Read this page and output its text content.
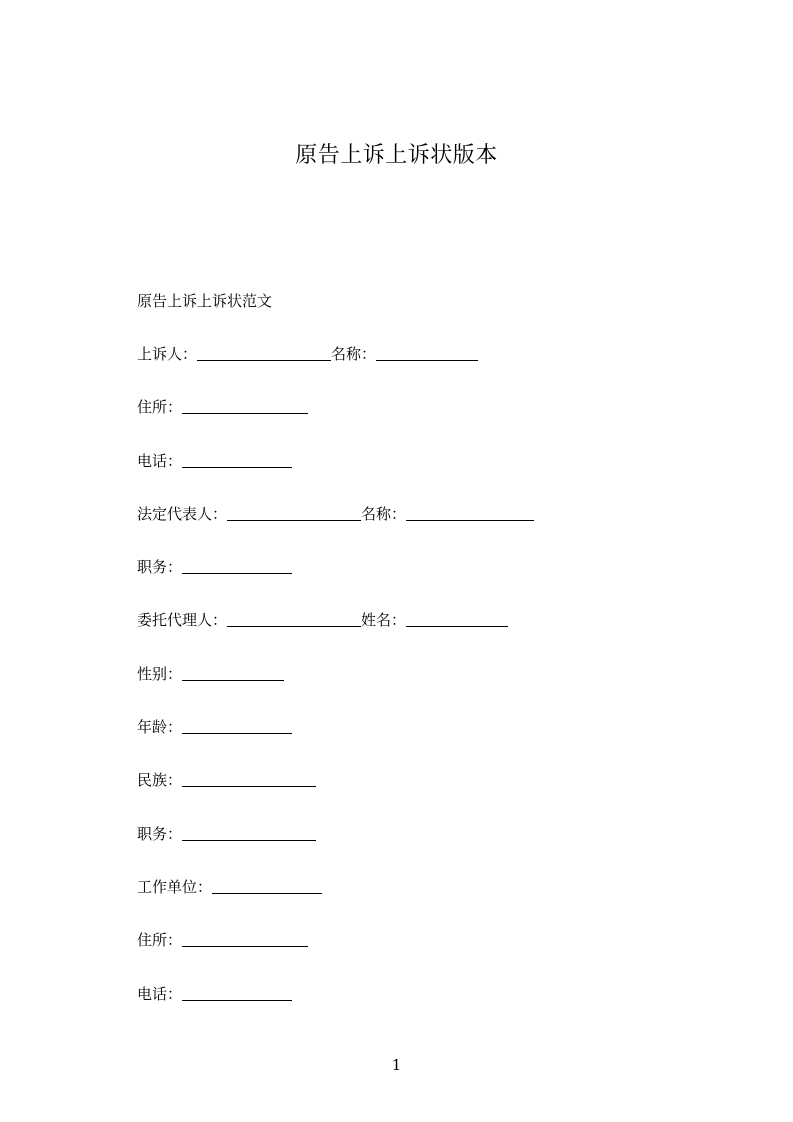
原告上诉上诉状版本

原告上诉上诉状范文

上诉人：	名称：
住所：
电话：
法定代表人：	名称：
职务：
委托代理人：	姓名：
性别：
年龄：
民族：
职务：
工作单位：
住所：
电话：
1
